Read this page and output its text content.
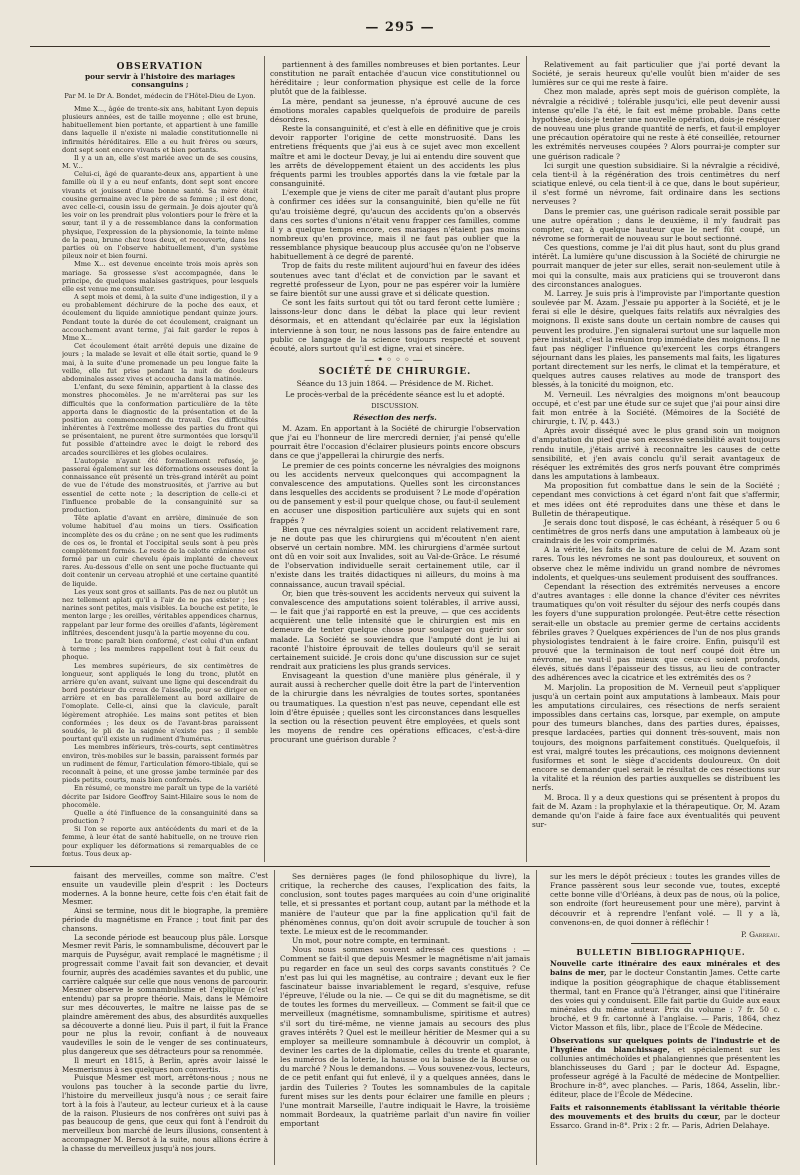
— 295 —
OBSERVATION
pour servir à l'histoire des mariages consanguins ;
Par M. le Dr A. Bondet, médecin de l'Hôtel-Dieu de Lyon.

Mme X..., âgée de trente-six ans, habitant Lyon depuis plusieurs années, est de taille moyenne ; elle est brune, habituellement bien portante, et appartient à une famille dans laquelle il n'existe ni maladie constitutionnelle ni infirmités héréditaires. Elle a eu huit frères ou sœurs, dont sept sont encore vivants et bien portants.

Il y a un an, elle s'est mariée avec un de ses cousins, M. V...

Celui-ci, âgé de quarante-deux ans, appartient à une famille où il y a eu neuf enfants, dont sept sont encore vivants et jouissent d'une bonne santé. Sa mère était cousine germaine avec le père de sa femme ; il est donc, avec celle-ci, cousin issu de germain. Je dois ajouter qu'à les voir on les prendrait plus volontiers pour le frère et la sœur, tant il y a de ressemblance dans la conformation physique, l'expression de la physionomie, la teinte même de la peau, brune chez tous deux, et recouverte, dans les parties où on l'observe habituellement, d'un système pileux noir et bien fourni.

Mme X... est devenue enceinte trois mois après son mariage. Sa grossesse s'est accompagnée, dans le principe, de quelques malaises gastriques, pour lesquels elle est venue me consulter.

A sept mois et demi, à la suite d'une indigestion, il y a eu probablement déchirure de la poche des eaux, et écoulement du liquide amniotique pendant quinze jours. Pendant toute la durée de cet écoulement, craignant un accouchement avant terme, j'ai fait garder le repos à Mme X...

Cet écoulement était arrêté depuis une dizaine de jours ; la malade se levait et elle était sortie, quand le 9 mai, à la suite d'une promenade un peu longue faite la veille, elle fut prise pendant la nuit de douleurs abdominales assez vives et accoucha dans la matinée.

L'enfant, du sexe féminin, appartient à la classe des monstres phocomèles. Je ne m'arrêterai pas sur les difficultés que la conformation particulière de la tête apporta dans le diagnostic de la présentation et de la position au commencement du travail. Ces difficultés inhérentes à l'extrême mollesse des parties du front qui se présentaient, ne purent être surmontées que lorsqu'il fut possible d'atteindre avec le doigt le rebord des arcades sourcilières et les globes oculaires.

L'autopsie n'ayant été formellement refusée, je passerai également sur les déformations osseuses dont la connaissance eût présenté un très-grand intérêt au point de vue de l'étude des monstruosités, et j'arrive au but essentiel de cette note ; la description de celle-ci et l'influence probable de la consanguinité sur sa production.

Tête aplatie d'avant en arrière, diminuée de son volume habituel d'au moins un tiers. Ossification incomplète des os du crâne ; on ne sent que les rudiments de ces os, le frontal et l'occipital seuls sont à peu près complètement formés. Le reste de la calotte crânienne est formé par un cuir chevelu épais implanté de cheveux rares. Au-dessous d'elle on sent une poche fluctuante qui doit contenir un cerveau atrophié et une certaine quantité de liquide.

Les yeux sont gros et saillants. Pas de nez ou plutôt un nez tellement aplati qu'il a l'air de ne pas exister ; les narines sont petites, mais visibles. La bouche est petite, le menton large ; les oreilles, véritables appendices charnus, rappelant par leur forme des oreilles d'afants, légèrement infiltrées, descendent jusqu'à la partie moyenne du cou.

Le tronc paraît bien conformé, c'est celui d'un enfant à terme ; les membres rappellent tout à fait ceux du phoque.

Les membres supérieurs, de six centimètres de longueur, sont appliqués le long du tronc, plutôt en arrière qu'en avant, suivant une ligne qui descendrait du bord postérieur du creux de l'aisselle, pour se diriger en arrière et en bas parallèlement au bord axillaire de l'omoplate. Celle-ci, ainsi que la clavicule, paraît légèrement atrophiée. Les mains sont petites et bien conformées ; les deux os de l'avant-bras paraissent soudés, le pli de la saignée n'existe pas ; il semble pourtant qu'il existe un rudiment d'humérus.

Les membres inférieurs, très-courts, sept centimètres environ, très-mobiles sur le bassin, paraissent formés par un rudiment de fémur, l'articulation fémoro-tibiale, qui se reconnaît à peine, et une grosse jambe terminée par des pieds petits, courts, mais bien conformés.

En résumé, ce monstre me paraît un type de la variété décrite par Isidore Geoffroy Saint-Hilaire sous le nom de phocomèle.

Quelle a été l'influence de la consanguinité dans sa production ?

Si l'on se reporte aux antécédents du mari et de la femme, à leur état de santé habituelle, on ne trouve rien pour expliquer les déformations si remarquables de ce fœtus. Tous deux ap-

partiennent à des familles nombreuses et bien portantes. Leur constitution ne paraît entachée d'aucun vice constitutionnel ou héréditaire ; leur conformation physique est celle de la force plutôt que de la faiblesse.

La mère, pendant sa jeunesse, n'a éprouvé aucune de ces émotions morales capables quelquefois de produire de pareils désordres.

Reste la consanguinité, et c'est à elle en définitive que je crois devoir rapporter l'origine de cette monstruosité. Dans les entretiens fréquents que j'ai eus à ce sujet avec mon excellent maître et ami le docteur Devay, je lui ai entendu dire souvent que les arrêts de développement étaient un des accidents les plus fréquents parmi les troubles apportés dans la vie fœtale par la consanguinité.

L'exemple que je viens de citer me paraît d'autant plus propre à confirmer ces idées sur la consanguinité, bien qu'elle ne fût qu'au troisième degré, qu'aucun des accidents qu'on a observés dans ces sortes d'unions n'était venu frapper ces familles, comme il y a quelque temps encore, ces mariages n'étaient pas moins nombreux qu'en province, mais il ne faut pas oublier que la ressemblance physique beaucoup plus accusée qu'on ne l'observe habituellement à ce degré de parenté.

Trop de faits du reste militent aujourd'hui en faveur des idées soutenues avec tant d'éclat et de conviction par le savant et regretté professeur de Lyon, pour ne pas espérer voir la lumière se faire bientôt sur une aussi grave et si délicate question.

Ce sont les faits surtout qui tôt ou tard feront cette lumière ; laissons-leur donc dans le débat la place qui leur revient désormais, et en attendant qu'éclairée par eux la législation intervienne à son tour, ne nous lassons pas de faire entendre au public ce langage de la science toujours respecté et souvent écouté, alors surtout qu'il est digne, vrai et sincère.

—•◦◦◦—
SOCIÉTÉ DE CHIRURGIE.
Séance du 13 juin 1864. — Présidence de M. Richet.
Le procès-verbal de la précédente séance est lu et adopté.
DISCUSSION.
Résection des nerfs.

M. Azam. En apportant à la Société de chirurgie l'observation que j'ai eu l'honneur de lire mercredi dernier, j'ai pensé qu'elle pourrait être l'occasion d'éclairer plusieurs points encore obscurs dans ce que j'appellerai la chirurgie des nerfs.

Le premier de ces points concerne les névralgies des moignons ou les accidents nerveux quelconques qui accompagnent la convalescence des amputations. Quelles sont les circonstances dans lesquelles des accidents se produisent ? Le mode d'opération ou de pansement y est-il pour quelque chose, ou faut-il seulement en accuser une disposition particulière aux sujets qui en sont frappés ?

Bien que ces névralgies soient un accident relativement rare, je ne doute pas que les chirurgiens qui m'écoutent n'en aient observé un certain nombre. MM. les chirurgiens d'armée surtout ont dû en voir soit aux Invalides, soit au Val-de-Grâce. Le résumé de l'observation individuelle serait certainement utile, car il n'existe dans les traités didactiques ni ailleurs, du moins à ma connaissance, aucun travail spécial.

Or, bien que très-souvent les accidents nerveux qui suivent la convalescence des amputations soient tolérables, il arrive aussi, — le fait que j'ai rapporté en est la preuve, — que ces accidents acquièrent une telle intensité que le chirurgien est mis en demeure de tenter quelque chose pour soulager ou guérir son malade. La Société se souviendra que l'amputé dont je lui ai raconté l'histoire éprouvait de telles douleurs qu'il se serait certainement suicidé. Je crois donc qu'une discussion sur ce sujet rendrait aux praticiens les plus grands services.

Envisageant la question d'une manière plus générale, il y aurait aussi à rechercher quelle doit être la part de l'intervention de la chirurgie dans les névralgies de toutes sortes, spontanées ou traumatiques. La question n'est pas neuve, cependant elle est loin d'être épuisée ; quelles sont les circonstances dans lesquelles la section ou la résection peuvent être employées, et quels sont les moyens de rendre ces opérations efficaces, c'est-à-dire procurant une guérison durable ?

Relativement au fait particulier que j'ai porté devant la Société, je serais heureux qu'elle voulût bien m'aider de ses lumières sur ce qui me reste à faire.

Chez mon malade, après sept mois de guérison complète, la névralgie a récidivé ; tolérable jusqu'ici, elle peut devenir aussi intense qu'elle l'a été, le fait est même probable. Dans cette hypothèse, dois-je tenter une nouvelle opération, dois-je réséquer de nouveau une plus grande quantité de nerfs, et faut-il employer une précaution opératoire qui ne reste à été conseillée, retourner les extrémités nerveuses coupées ? Alors pourrai-je compter sur une guérison radicale ?

Ici surgit une question subsidiaire. Si la névralgie a récidivé, cela tient-il à la régénération des trois centimètres du nerf sciatique enlevé, ou cela tient-il à ce que, dans le bout supérieur, il s'est formé un névrome, fait ordinaire dans les sections nerveuses ?

Dans le premier cas, une guérison radicale serait possible par une autre opération ; dans le deuxième, il m'y faudrait pas compter, car, à quelque hauteur que le nerf fût coupé, un névrome se formerait de nouveau sur le bout sectionné.

Ces questions, comme je l'ai dit plus haut, sont du plus grand intérêt. La lumière qu'une discussion à la Société de chirurgie ne pourrait manquer de jeter sur elles, serait non-seulement utile à moi qui la consulte, mais aux praticiens qui se trouveront dans des circonstances analogues.

M. Larrey. Je suis pris à l'improviste par l'importante question soulevée par M. Azam. J'essaie pu apporter à la Société, et je le ferai si elle le désire, quelques faits relatifs aux névralgies des moignons. Il existe sans doute un certain nombre de causes qui peuvent les produire. J'en signalerai surtout une sur laquelle mon père insistait, c'est la réunion trop immédiate des moignons. Il ne faut pas négliger l'influence qu'exercent les corps étrangers séjournant dans les plaies, les pansements mal faits, les ligatures portant directement sur les nerfs, le climat et la température, et quelques autres causes relatives au mode de transport des blessés, à la tonicité du moignon, etc.

M. Verneuil. Les névralgies des moignons m'ont beaucoup occupé, et c'est par une étude sur ce sujet que j'ai pour ainsi dire fait mon entrée à la Société. (Mémoires de la Société de chirurgie, t. IV, p. 443.)

Après avoir disséqué avec le plus grand soin un moignon d'amputation du pied que son excessive sensibilité avait toujours rendu inutile, j'étais arrivé à reconnaître les causes de cette sensibilité, et j'en avais conclu qu'il serait avantageux de réséquer les extrémités des gros nerfs pouvant être comprimés dans les amputations à lambeaux.

Ma proposition fut combattue dans le sein de la Société ; cependant mes convictions à cet égard n'ont fait que s'affermir, et mes idées ont été reproduites dans une thèse et dans le Bulletin de thérapeutique.

Je serais donc tout disposé, le cas échéant, à réséquer 5 ou 6 centimètres de gros nerfs dans une amputation à lambeaux où je craindrais de les voir comprimés.

A la vérité, les faits de la nature de celui de M. Azam sont rares. Tous les névromes ne sont pas douloureux, et souvent on observe chez le même individu un grand nombre de névromes indolents, et quelques-uns seulement produisent des souffrances.

Cependant la résection des extrémités nerveuses a encore d'autres avantages : elle donne la chance d'éviter ces névrites traumatiques qu'on voit résulter du séjour des nerfs coupés dans les foyers d'une suppuration prolongée. Peut-être cette résection serait-elle un obstacle au premier germe de certains accidents fébriles graves ? Quelques expériences de l'un de nos plus grands physiologistes tendraient à le faire croire. Enfin, puisqu'il est prouvé que la terminaison de tout nerf coupé doit être un névrome, ne vaut-il pas mieux que ceux-ci soient profonds, élevés, situés dans l'épaisseur des tissus, au lieu de contracter des adhérences avec la cicatrice et les extrémités des os ?

M. Marjolin. La proposition de M. Verneuil peut s'appliquer jusqu'à un certain point aux amputations à lambeaux. Mais pour les amputations circulaires, ces résections de nerfs seraient impossibles dans certains cas, lorsque, par exemple, on ampute pour des tumeurs blanches, dans des parties dures, épaisses, presque lardacées, parties qui donnent très-souvent, mais non toujours, des moignons parfaitement constitués. Quelquefois, il est vrai, malgré toutes les précautions, ces moignons deviennent fusiformes et sont le siège d'accidents douloureux. On doit encore se demander quel serait le résultat de ces résections sur la vitalité et la réunion des parties auxquelles se distribuent les nerfs.

M. Broca. Il y a deux questions qui se présentent à propos du fait de M. Azam : la prophylaxie et la thérapeutique. Or, M. Azam demande qu'on l'aide à faire face aux éventualités qui peuvent sur-

faisant des merveilles, comme son maître. C'est ensuite un vaudeville plein d'esprit : les Docteurs modernes. A la bonne heure, cette fois c'en était fait de Mesmer.

Ainsi se termine, nous dit le biographe, la première période du magnétisme en France ; tout finit par des chansons.

La seconde période est beaucoup plus pâle. Lorsque Mesmer revit Paris, le somnambulisme, découvert par le marquis de Puységur, avait remplacé le magnétisme ; il progressait comme l'avait fait son devancier, et devait fournir, auprès des académies savantes et du public, une carrière calquée sur celle que nous venons de parcourir. Mesmer observe le somnambulisme et l'explique (c'est entendu) par sa propre théorie. Mais, dans le Mémoire sur mes découvertes, le maître ne laisse pas de se plaindre amèrement des abus, des absurdités auxquelles sa découverte a donné lieu. Puis il part, il fuit la France pour ne plus la revoir, confiant à de nouveaux vaudevilles le soin de le venger de ses continuateurs, plus dangereux que ses détracteurs pour sa renommée.

Il meurt en 1815, à Berlin, après avoir laissé le Mesmerismus à ses quelques non convertis.

Puisque Mesmer est mort, arrêtons-nous ; nous ne voulons pas toucher à la seconde partie du livre, l'histoire du merveilleux jusqu'à nous ; ce serait faire tort à la fois à l'auteur, au lecteur curieux et à la cause de la raison. Plusieurs de nos confrères ont suivi pas à pas beaucoup de gens, que ceux qui font à l'endroit du merveilleux bon marché de leurs illusions, consentent à accompagner M. Bersot à la suite, nous allions écrire à la chasse du merveilleux jusqu'à nos jours.

Ses dernières pages (le fond philosophique du livre), la critique, la recherche des causes, l'explication des faits, la conclusion, sont toutes pages marquées au coin d'une originalité telle, et si pressantes et portant coup, autant par la méthode et la manière de l'auteur que par la fine application qu'il fait de phénomènes connus, qu'on doit avoir scrupule de toucher à son texte. Le mieux est de le recommander.

Un mot, pour notre compte, en terminant.

Nous nous sommes souvent adressé ces questions : — Comment se fait-il que depuis Mesmer le magnétisme n'ait jamais pu regarder en face un seul des corps savants constitués ? Ce n'est pas lui qui les magnétise, au contraire ; devant eux le fier fascinateur baisse invariablement le regard, s'esquive, refuse l'épreuve, l'élude ou la nie. — Ce qui se dit du magnétisme, se dit de toutes les formes du merveilleux. — Comment se fait-il que ce merveilleux (magnétisme, somnambulisme, spiritisme et autres) s'il sort du tiré-même, ne vienne jamais au secours des plus graves intérêts ? Quel est le meilleur héritier de Mesmer qui a su employer sa meilleure somnambule à découvrir un complot, à deviner les cartes de la diplomatie, celles du trente et quarante, les numéros de la loterie, la hausse ou la baisse de la Bourse ou du marché ? Nous le demandons. — Vous souvenez-vous, lecteurs, de ce petit enfant qui fut enlevé, il y a quelques années, dans le jardin des Tuileries ? Toutes les somnambules de la capitale furent mises sur les dents pour éclairer une famille en pleurs ; l'une montrait Marseille, l'autre indiquait le Havre, la troisième nommait Bordeaux, la quatrième parlait d'un navire fin voilier emportant

sur les mers le dépôt précieux : toutes les grandes villes de France passèrent sous leur seconde vue, toutes, excepté cette bonne ville d'Orléans, à deux pas de nous, où la police, son endroite (fort heureusement pour une mère), parvint à découvrir et à reprendre l'enfant volé. — Il y a là, convenons-en, de quoi donner à réfléchir !

P. Garreau.
BULLETIN BIBLIOGRAPHIQUE.

Nouvelle carte itinéraire des eaux minérales et des bains de mer, par le docteur Constantin James. Cette carte indique la position géographique de chaque établissement thermal, tant en France qu'à l'étranger, ainsi que l'itinéraire des voies qui y conduisent. Elle fait partie du Guide aux eaux minérales du même auteur. Prix du volume : 7 fr. 50 c. broché, et 9 fr. cartonné à l'anglaise. — Paris, 1864, chez Victor Masson et fils, libr., place de l'École de Médecine.

Observations sur quelques points de l'industrie et de l'hygiène du blanchissage, et spécialement sur les collunies antiméchoïdes et phalangiennes que présentent les blanchisseuses du Gard ; par le docteur Ad. Espagne, professeur agrégé à la Faculté de médecine de Montpellier. Brochure in-8°, avec planches. — Paris, 1864, Asselin, libr.-éditeur, place de l'École de Médecine.

Faits et raisonnements établissant la véritable théorie des mouvements et des bruits du cœur, par le docteur Essarco. Grand in-8°. Prix : 2 fr. — Paris, Adrien Delahaye.
